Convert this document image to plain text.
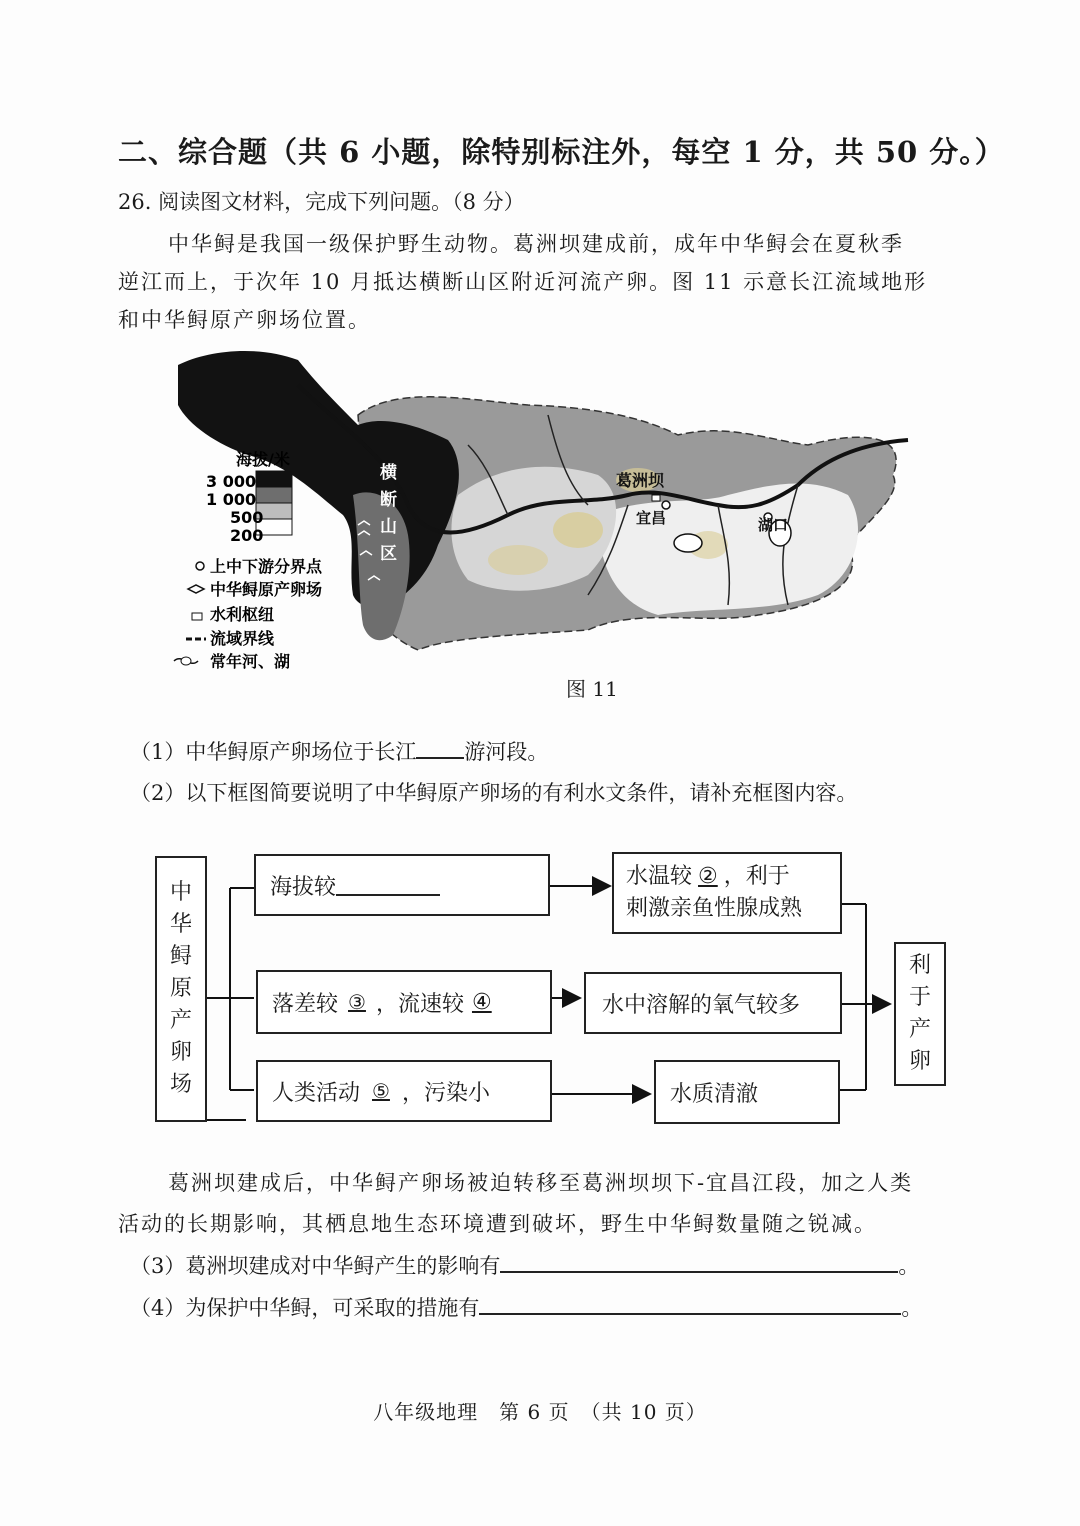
二、综合题（共 6 小题，除特别标注外，每空 1 分，共 50 分。）
26. 阅读图文材料，完成下列问题。（8 分）
中华鲟是我国一级保护野生动物。葛洲坝建成前，成年中华鲟会在夏秋季
逆江而上，于次年 10 月抵达横断山区附近河流产卵。图 11 示意长江流域地形
和中华鲟原产卵场位置。
横
断
山
区
葛洲坝
宜昌	湖口
海拔/米
3 000
1 000
500
200
上中下游分界点
中华鲟原产卵场
水利枢纽
流域界线
常年河、湖
图 11
（1）中华鲟原产卵场位于长江 游河段。
（2）以下框图简要说明了中华鲟原产卵场的有利水文条件，请补充框图内容。
中
华
鲟
原
产
卵
场
海拔较	水温较 ② ，利于
刺激亲鱼性腺成熟
落差较 ③ ，流速较 ④	水中溶解的氧气较多
人类活动 ⑤ ，污染小	水质清澈
利
于
产
卵
葛洲坝建成后，中华鲟产卵场被迫转移至葛洲坝坝下-宜昌江段，加之人类
活动的长期影响，其栖息地生态环境遭到破坏，野生中华鲟数量随之锐减。
（3）葛洲坝建成对中华鲟产生的影响有	。
（4）为保护中华鲟，可采取的措施有	。
八年级地理　第 6 页　（共 10 页）
